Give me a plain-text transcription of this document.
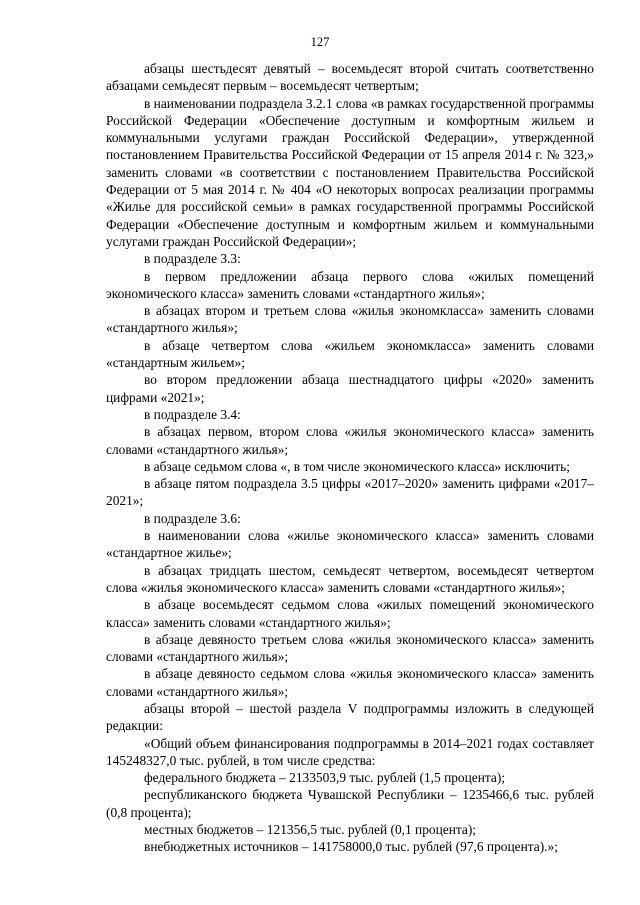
127

абзацы шестьдесят девятый – восемьдесят второй считать соответственно абзацами семьдесят первым – восемьдесят четвертым;

в наименовании подраздела 3.2.1 слова «в рамках государственной программы Российской Федерации «Обеспечение доступным и комфортным жильем и коммунальными услугами граждан Российской Федерации», утвержденной постановлением Правительства Российской Федерации от 15 апреля 2014 г. № 323,» заменить словами «в соответствии с постановлением Правительства Российской Федерации от 5 мая 2014 г. № 404 «О некоторых вопросах реализации программы «Жилье для российской семьи» в рамках государственной программы Российской Федерации «Обеспечение доступным и комфортным жильем и коммунальными услугами граждан Российской Федерации»;

в подразделе 3.3:

в первом предложении абзаца первого слова «жилых помещений экономического класса» заменить словами «стандартного жилья»;

в абзацах втором и третьем слова «жилья экономкласса» заменить словами «стандартного жилья»;

в абзаце четвертом слова «жильем экономкласса» заменить словами «стандартным жильем»;

во втором предложении абзаца шестнадцатого цифры «2020» заменить цифрами «2021»;

в подразделе 3.4:

в абзацах первом, втором слова «жилья экономического класса» заменить словами «стандартного жилья»;

в абзаце седьмом слова «, в том числе экономического класса» исключить;

в абзаце пятом подраздела 3.5 цифры «2017–2020» заменить цифрами «2017–2021»;

в подразделе 3.6:

в наименовании слова «жилье экономического класса» заменить словами «стандартное жилье»;

в абзацах тридцать шестом, семьдесят четвертом, восемьдесят четвертом слова «жилья экономического класса» заменить словами «стандартного жилья»;

в абзаце восемьдесят седьмом слова «жилых помещений экономического класса» заменить словами «стандартного жилья»;

в абзаце девяносто третьем слова «жилья экономического класса» заменить словами «стандартного жилья»;

в абзаце девяносто седьмом слова «жилья экономического класса» заменить словами «стандартного жилья»;

абзацы второй – шестой раздела V подпрограммы изложить в следующей редакции:

«Общий объем финансирования подпрограммы в 2014–2021 годах составляет 145248327,0 тыс. рублей, в том числе средства:

федерального бюджета – 2133503,9 тыс. рублей (1,5 процента);

республиканского бюджета Чувашской Республики – 1235466,6 тыс. рублей (0,8 процента);

местных бюджетов – 121356,5 тыс. рублей (0,1 процента);

внебюджетных источников – 141758000,0 тыс. рублей (97,6 процента).»;
